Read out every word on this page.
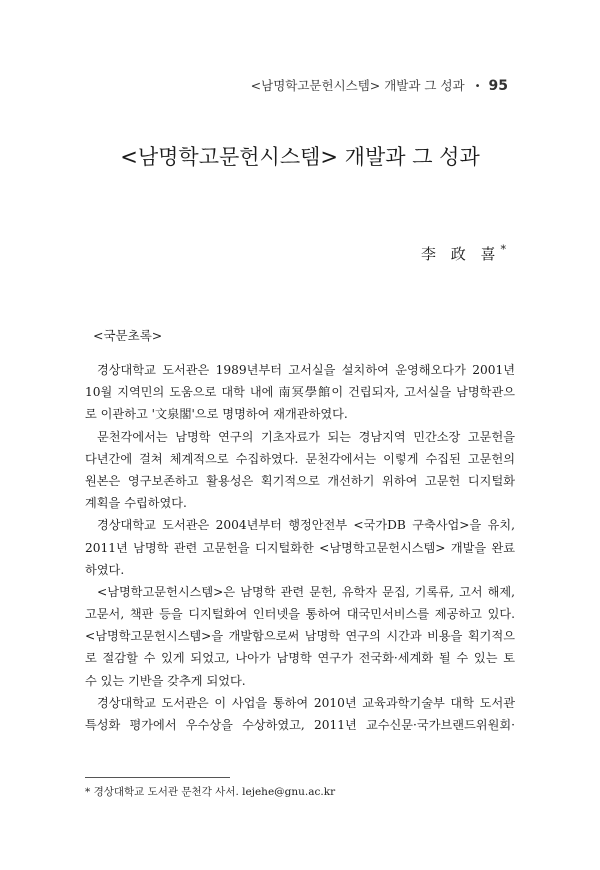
<남명학고문헌시스템> 개발과 그 성과 • 95
<남명학고문헌시스템> 개발과 그 성과
李 政 喜*
<국문초록>
경상대학교 도서관은 1989년부터 고서실을 설치하여 운영해오다가 2001년
10월 지역민의 도움으로 대학 내에 南冥學館이 건립되자, 고서실을 남명학관으
로 이관하고 '文泉閣'으로 명명하여 재개관하였다.
문천각에서는 남명학 연구의 기초자료가 되는 경남지역 민간소장 고문헌을
다년간에 걸쳐 체계적으로 수집하였다. 문천각에서는 이렇게 수집된 고문헌의
원본은 영구보존하고 활용성은 획기적으로 개선하기 위하여 고문헌 디지털화
계획을 수립하였다.
경상대학교 도서관은 2004년부터 행정안전부 <국가DB 구축사업>을 유치,
2011년 남명학 관련 고문헌을 디지털화한 <남명학고문헌시스템> 개발을 완료
하였다.
<남명학고문헌시스템>은 남명학 관련 문헌, 유학자 문집, 기록류, 고서 해제,
고문서, 책판 등을 디지털화여 인터넷을 통하여 대국민서비스를 제공하고 있다.
<남명학고문헌시스템>을 개발함으로써 남명학 연구의 시간과 비용을 획기적으
로 절감할 수 있게 되었고, 나아가 남명학 연구가 전국화·세계화 될 수 있는 토
수 있는 기반을 갖추게 되었다.
경상대학교 도서관은 이 사업을 통하여 2010년 교육과학기술부 대학 도서관
특성화 평가에서 우수상을 수상하였고, 2011년 교수신문·국가브랜드위원회·
* 경상대학교 도서관 문천각 사서. lejehe@gnu.ac.kr
